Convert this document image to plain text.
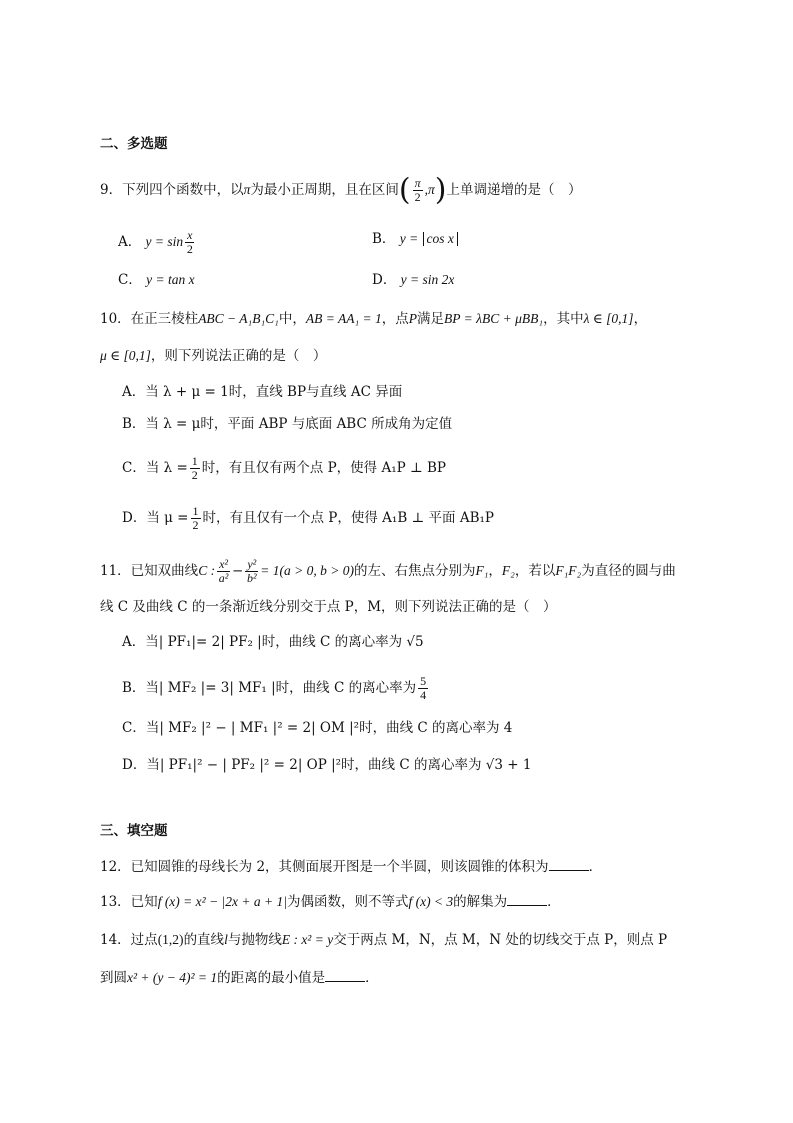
二、多选题
9．下列四个函数中，以π为最小正周期，且在区间( $\frac{\pi}{2} ,\pi$)上单调递增的是（　）
A． $y = \sin \frac{x}{2}$	B． y = cos x
C． y = tan x	D． y = sin 2x
10．在正三棱柱ABC − A₁B₁C₁中，AB = AA₁ = 1，点P满足BP = λBC + μBB₁，其中λ ∈ [0,1]，
μ ∈ [0,1]，则下列说法正确的是（　）
A．当 λ + μ = 1时，直线 BP与直线 AC 异面
B．当 λ = μ时，平面 ABP 与底面 ABC 所成角为定值
C．当 $\lambda = \frac{1}{2}$ 时，有且仅有两个点 P，使得 A₁P ⊥ BP
D．当 $\mu = \frac{1}{2}$ 时，有且仅有一个点 P，使得 A₁B ⊥ 平面 AB₁P
11．已知双曲线C : $\frac{\text{x²}}{\text{a²}} - \frac{\text{y²}}{\text{b²}} = 1(a > 0$, b > 0)的左、右焦点分别为F₁，F₂，若以F₁F₂为直径的圆与曲
线 C 及曲线 C 的一条渐近线分别交于点 P，M，则下列说法正确的是（　）
A．当| PF₁|= 2| PF₂ |时，曲线 C 的离心率为 √5
B．当| MF₂ |= 3| MF₁ |时，曲线 C 的离心率为 $\frac{5}{4}$
C．当| MF₂ |² − | MF₁ |² = 2| OM |²时，曲线 C 的离心率为 4
D．当| PF₁|² − | PF₂ |² = 2| OP |²时，曲线 C 的离心率为 √3 + 1
三、填空题
12．已知圆锥的母线长为 2，其侧面展开图是一个半圆，则该圆锥的体积为	．
13．已知f (x) = x² − |2x + a + 1|为偶函数，则不等式f (x) < 3的解集为	．
14．过点(1,2)的直线l与抛物线E : x² = y交于两点 M，N，点 M，N 处的切线交于点 P，则点 P
到圆x² + (y − 4)² = 1的距离的最小值是	．
